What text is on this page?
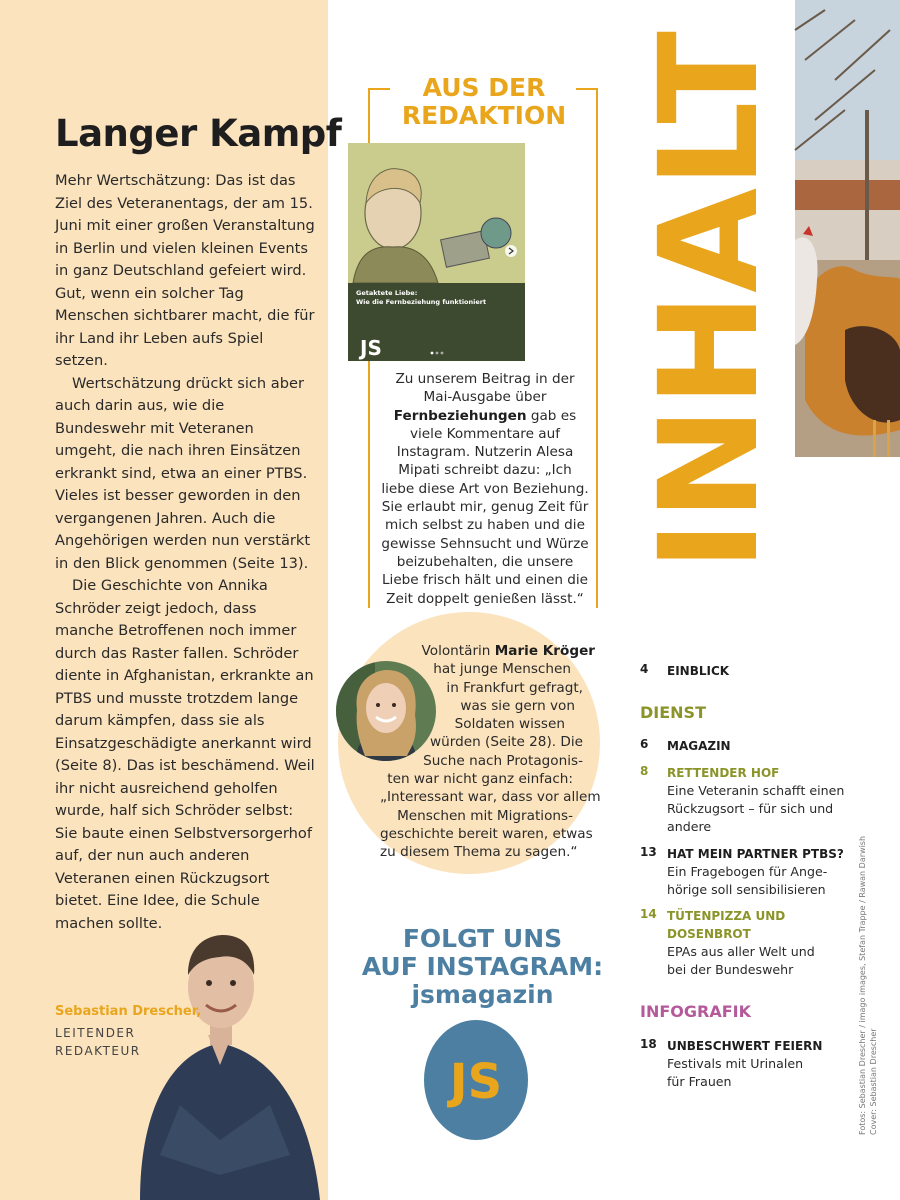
Langer Kampf

Mehr Wertschätzung: Das ist das Ziel des Veteranentags, der am 15. Juni mit einer großen Veranstaltung in Berlin und vielen kleinen Events in ganz Deutschland gefeiert wird. Gut, wenn ein solcher Tag Menschen sichtbarer macht, die für ihr Land ihr Leben aufs Spiel setzen.

Wertschätzung drückt sich aber auch darin aus, wie die Bundeswehr mit Veteranen umgeht, die nach ihren Einsätzen erkrankt sind, etwa an einer PTBS. Vieles ist besser geworden in den vergangenen Jahren. Auch die Angehörigen werden nun verstärkt in den Blick genommen (Seite 13).

Die Geschichte von Annika Schröder zeigt jedoch, dass manche Betroffenen noch immer durch das Raster fallen. Schröder diente in Afghanistan, erkrankte an PTBS und musste trotzdem lange darum kämpfen, dass sie als Einsatzgeschädigte anerkannt wird (Seite 8). Das ist beschämend. Weil ihr nicht ausreichend geholfen wurde, half sich Schröder selbst: Sie baute einen Selbstversorgerhof auf, der nun auch anderen Veteranen einen Rückzugsort bietet. Eine Idee, die Schule machen sollte.

Sebastian Drescher,
LEITENDER REDAKTEUR
AUS DER REDAKTION
Getaktete Liebe:
Wie die Fernbeziehung funktioniert
JS
Zu unserem Beitrag in der Mai-Ausgabe über Fernbeziehungen gab es viele Kommentare auf Instagram. Nutzerin Alesa Mipati schreibt dazu: „Ich liebe diese Art von Beziehung. Sie erlaubt mir, genug Zeit für mich selbst zu haben und die gewisse Sehnsucht und Würze beizubehalten, die unsere Liebe frisch hält und einen die Zeit doppelt genießen lässt.“
Volontärin Marie Kröger
hat junge Menschen
in Frankfurt gefragt,
was sie gern von
Soldaten wissen
würden (Seite 28). Die
Suche nach Protagonis-
ten war nicht ganz einfach:
„Interessant war, dass vor allem
Menschen mit Migrations-
geschichte bereit waren, etwas
zu diesem Thema zu sagen.“
FOLGT UNS
AUF INSTAGRAM:
jsmagazin
JS
INHALT
4 EINBLICK
DIENST
6 MAGAZIN
8 RETTENDER HOF
Eine Veteranin schafft einen
Rückzugsort – für sich und
andere
13 HAT MEIN PARTNER PTBS?
Ein Fragebogen für Ange-
hörige soll sensibilisieren
14 TÜTENPIZZA UND
DOSENBROT
EPAs aus aller Welt und
bei der Bundeswehr
INFOGRAFIK
18 UNBESCHWERT FEIERN
Festivals mit Urinalen
für Frauen	Fotos: Sebastian Drescher / imago images, Stefan Trappe / Rawan Darwish Cover: Sebastian Drescher
